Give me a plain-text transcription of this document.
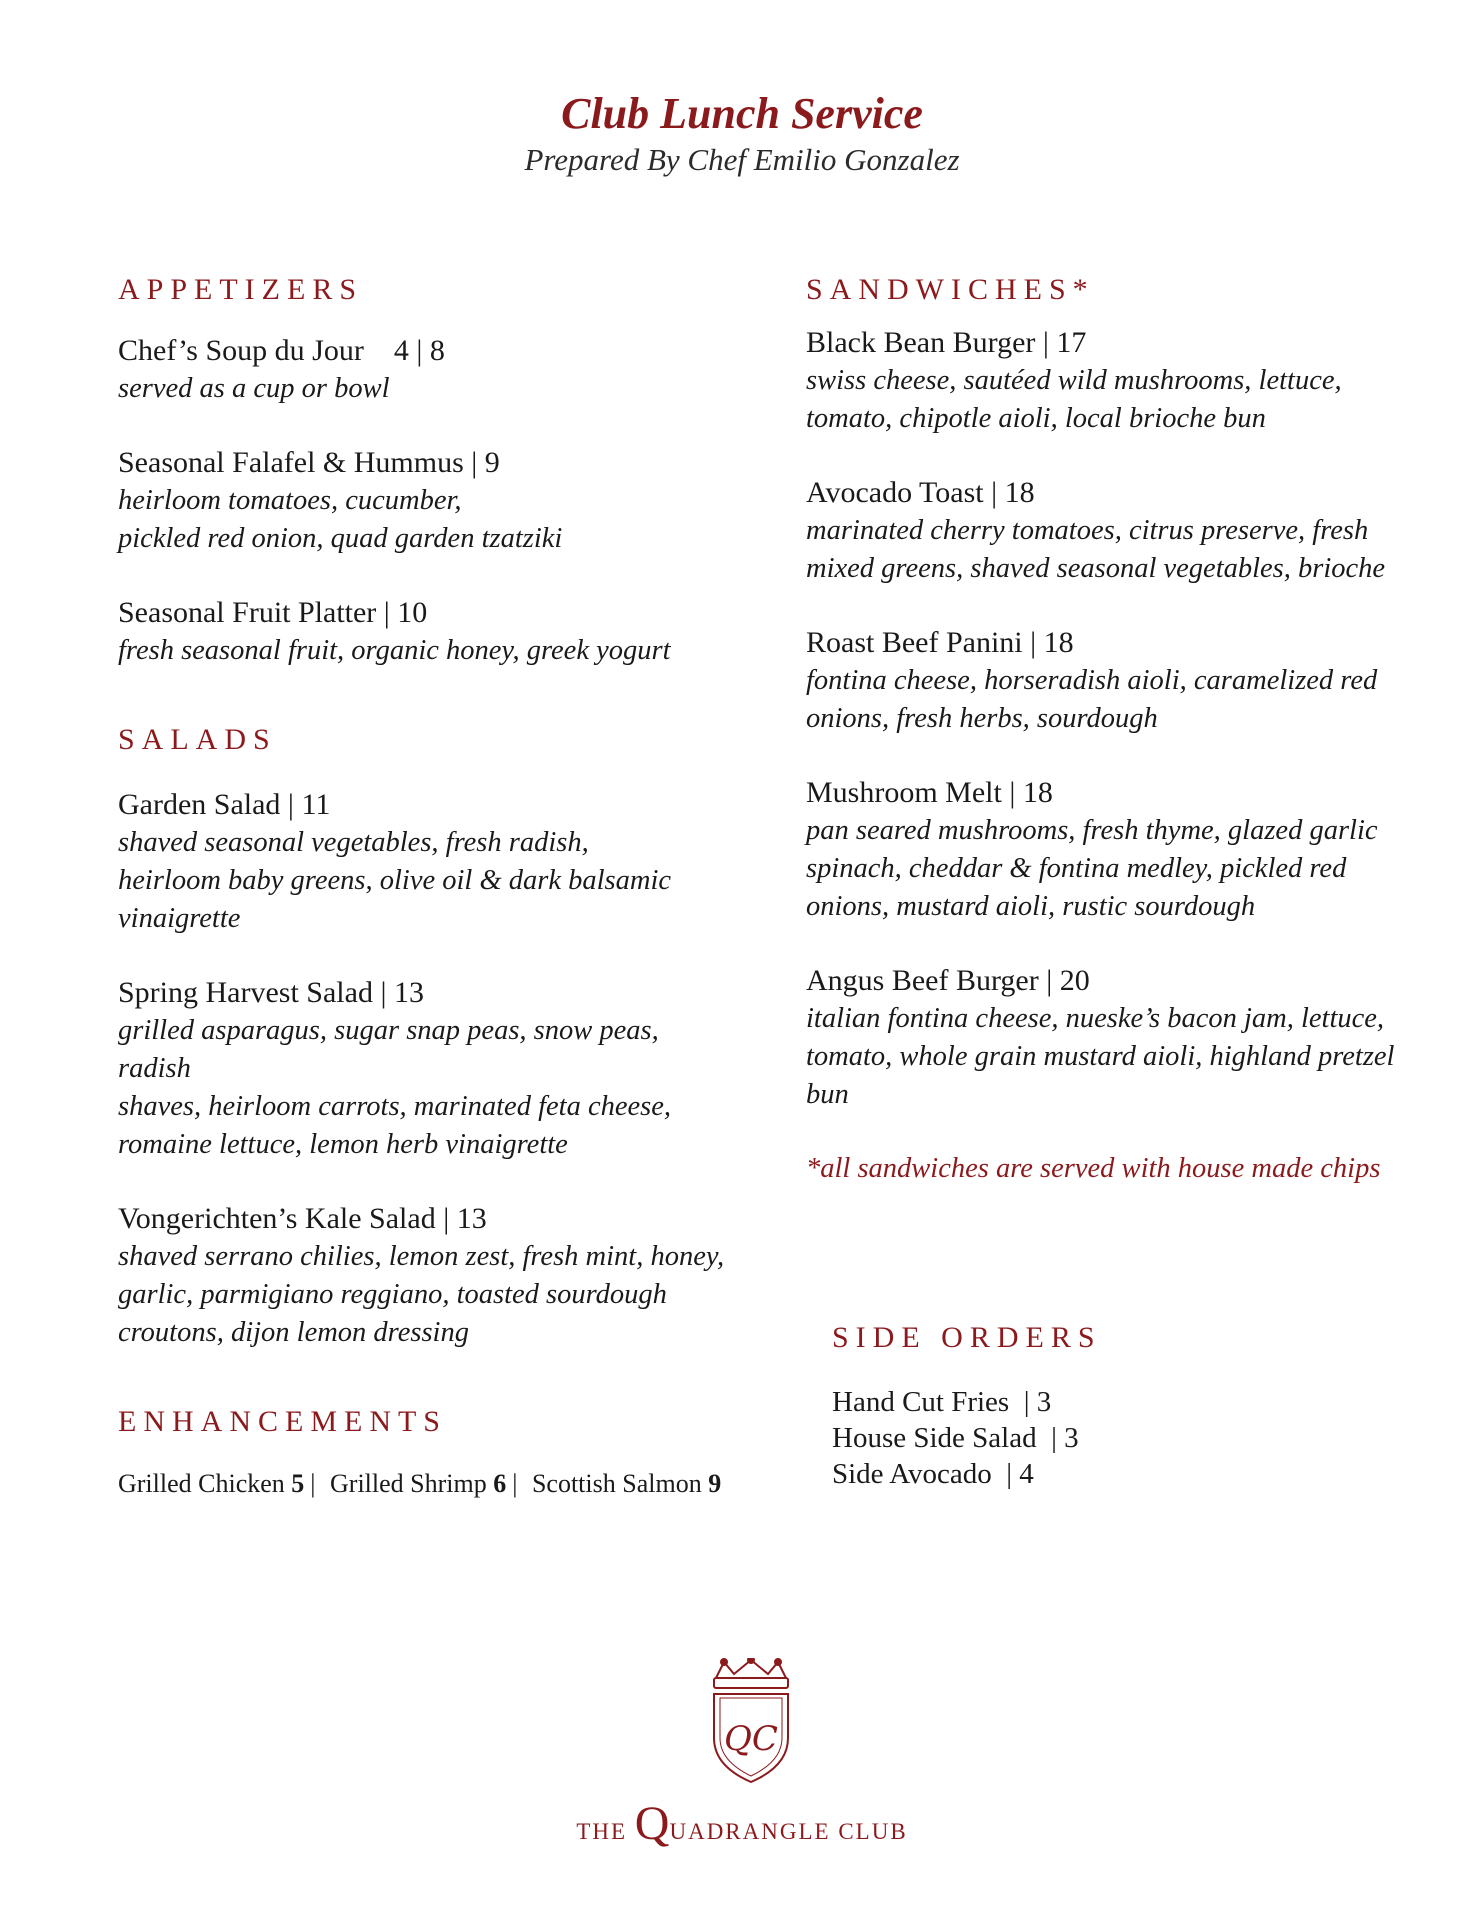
Club Lunch Service
Prepared By Chef Emilio Gonzalez
APPETIZERS
Chef’s Soup du Jour    4 | 8
served as a cup or bowl
Seasonal Falafel & Hummus | 9
heirloom tomatoes, cucumber,
pickled red onion, quad garden tzatziki
Seasonal Fruit Platter | 10
fresh seasonal fruit, organic honey, greek yogurt
SALADS
Garden Salad | 11
shaved seasonal vegetables, fresh radish,
heirloom baby greens, olive oil & dark balsamic
vinaigrette
Spring Harvest Salad | 13
grilled asparagus, sugar snap peas, snow peas, radish
shaves, heirloom carrots, marinated feta cheese,
romaine lettuce, lemon herb vinaigrette
Vongerichten’s Kale Salad | 13
shaved serrano chilies, lemon zest, fresh mint, honey,
garlic, parmigiano reggiano, toasted sourdough
croutons, dijon lemon dressing
ENHANCEMENTS
Grilled Chicken 5 | Grilled Shrimp 6 | Scottish Salmon 9
SANDWICHES*
Black Bean Burger | 17
swiss cheese, sautéed wild mushrooms, lettuce,
tomato, chipotle aioli, local brioche bun
Avocado Toast | 18
marinated cherry tomatoes, citrus preserve, fresh
mixed greens, shaved seasonal vegetables, brioche
Roast Beef Panini | 18
fontina cheese, horseradish aioli, caramelized red
onions, fresh herbs, sourdough
Mushroom Melt | 18
pan seared mushrooms, fresh thyme, glazed garlic
spinach, cheddar & fontina medley, pickled red
onions, mustard aioli, rustic sourdough
Angus Beef Burger | 20
italian fontina cheese, nueske’s bacon jam, lettuce,
tomato, whole grain mustard aioli, highland pretzel
bun
*all sandwiches are served with house made chips
SIDE ORDERS
Hand Cut Fries  | 3
House Side Salad  | 3
Side Avocado  | 4
QC
THE QUADRANGLE CLUB
